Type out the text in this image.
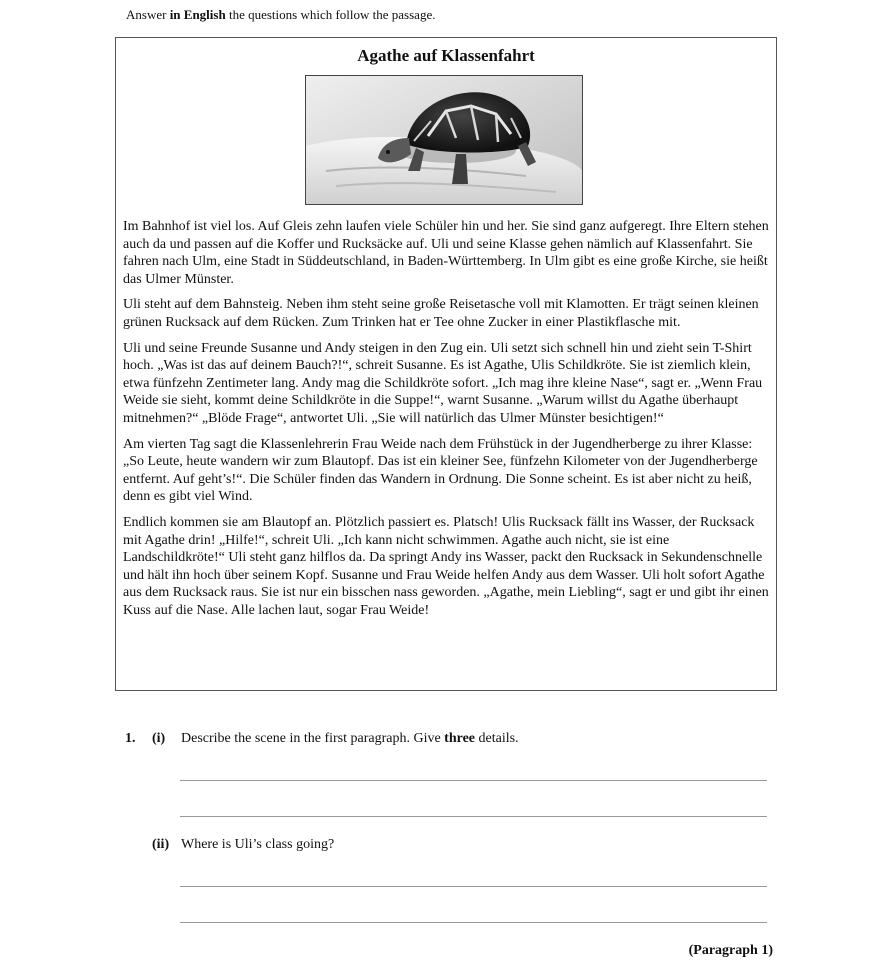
Answer in English the questions which follow the passage.
Agathe auf Klassenfahrt

Im Bahnhof ist viel los. Auf Gleis zehn laufen viele Schüler hin und her. Sie sind ganz aufgeregt. Ihre Eltern stehen auch da und passen auf die Koffer und Rucksäcke auf. Uli und seine Klasse gehen nämlich auf Klassenfahrt. Sie fahren nach Ulm, eine Stadt in Süddeutschland, in Baden-Württemberg. In Ulm gibt es eine große Kirche, sie heißt das Ulmer Münster.

Uli steht auf dem Bahnsteig. Neben ihm steht seine große Reisetasche voll mit Klamotten. Er trägt seinen kleinen grünen Rucksack auf dem Rücken. Zum Trinken hat er Tee ohne Zucker in einer Plastikflasche mit.

Uli und seine Freunde Susanne und Andy steigen in den Zug ein. Uli setzt sich schnell hin und zieht sein T-Shirt hoch. „Was ist das auf deinem Bauch?!“, schreit Susanne. Es ist Agathe, Ulis Schildkröte. Sie ist ziemlich klein, etwa fünfzehn Zentimeter lang. Andy mag die Schildkröte sofort. „Ich mag ihre kleine Nase“, sagt er. „Wenn Frau Weide sie sieht, kommt deine Schildkröte in die Suppe!“, warnt Susanne. „Warum willst du Agathe überhaupt mitnehmen?“ „Blöde Frage“, antwortet Uli. „Sie will natürlich das Ulmer Münster besichtigen!“

Am vierten Tag sagt die Klassenlehrerin Frau Weide nach dem Frühstück in der Jugendherberge zu ihrer Klasse: „So Leute, heute wandern wir zum Blautopf. Das ist ein kleiner See, fünfzehn Kilometer von der Jugendherberge entfernt. Auf geht’s!“. Die Schüler finden das Wandern in Ordnung. Die Sonne scheint. Es ist aber nicht zu heiß, denn es gibt viel Wind.

Endlich kommen sie am Blautopf an. Plötzlich passiert es. Platsch! Ulis Rucksack fällt ins Wasser, der Rucksack mit Agathe drin! „Hilfe!“, schreit Uli. „Ich kann nicht schwimmen. Agathe auch nicht, sie ist eine Landschildkröte!“ Uli steht ganz hilflos da. Da springt Andy ins Wasser, packt den Rucksack in Sekundenschnelle und hält ihn hoch über seinem Kopf. Susanne und Frau Weide helfen Andy aus dem Wasser. Uli holt sofort Agathe aus dem Rucksack raus. Sie ist nur ein bisschen nass geworden. „Agathe, mein Liebling“, sagt er und gibt ihr einen Kuss auf die Nase. Alle lachen laut, sogar Frau Weide!

1. (i) Describe the scene in the first paragraph. Give three details.
(ii) Where is Uli’s class going?
(Paragraph 1)
